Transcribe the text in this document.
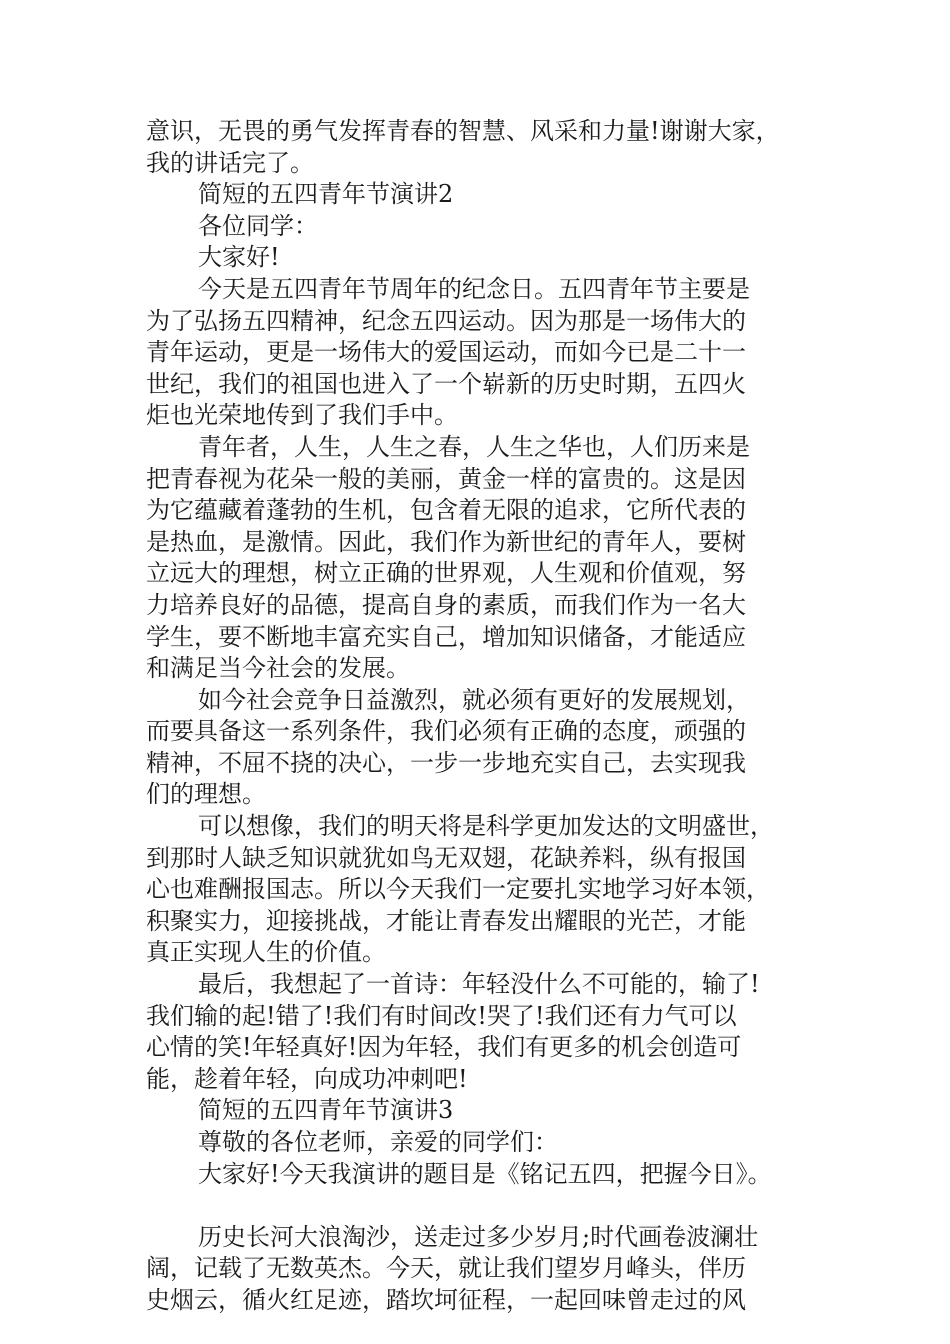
意识，无畏的勇气发挥青春的智慧、风采和力量!谢谢大家，
我的讲话完了。
简短的五四青年节演讲2
各位同学：
大家好!
今天是五四青年节周年的纪念日。五四青年节主要是
为了弘扬五四精神，纪念五四运动。因为那是一场伟大的
青年运动，更是一场伟大的爱国运动，而如今已是二十一
世纪，我们的祖国也进入了一个崭新的历史时期，五四火
炬也光荣地传到了我们手中。
青年者，人生，人生之春，人生之华也，人们历来是
把青春视为花朵一般的美丽，黄金一样的富贵的。这是因
为它蕴藏着蓬勃的生机，包含着无限的追求，它所代表的
是热血，是激情。因此，我们作为新世纪的青年人，要树
立远大的理想，树立正确的世界观，人生观和价值观，努
力培养良好的品德，提高自身的素质，而我们作为一名大
学生，要不断地丰富充实自己，增加知识储备，才能适应
和满足当今社会的发展。
如今社会竞争日益激烈，就必须有更好的发展规划，
而要具备这一系列条件，我们必须有正确的态度，顽强的
精神，不屈不挠的决心，一步一步地充实自己，去实现我
们的理想。
可以想像，我们的明天将是科学更加发达的文明盛世，
到那时人缺乏知识就犹如鸟无双翅，花缺养料，纵有报国
心也难酬报国志。所以今天我们一定要扎实地学习好本领，
积聚实力，迎接挑战，才能让青春发出耀眼的光芒，才能
真正实现人生的价值。
最后，我想起了一首诗：年轻没什么不可能的，输了!
我们输的起!错了!我们有时间改!哭了!我们还有力气可以
心情的笑!年轻真好!因为年轻，我们有更多的机会创造可
能，趁着年轻，向成功冲刺吧!
简短的五四青年节演讲3
尊敬的各位老师，亲爱的同学们：
大家好!今天我演讲的题目是《铭记五四，把握今日》。
历史长河大浪淘沙，送走过多少岁月;时代画卷波澜壮
阔，记载了无数英杰。今天，就让我们望岁月峰头，伴历
史烟云，循火红足迹，踏坎坷征程，一起回味曾走过的风
